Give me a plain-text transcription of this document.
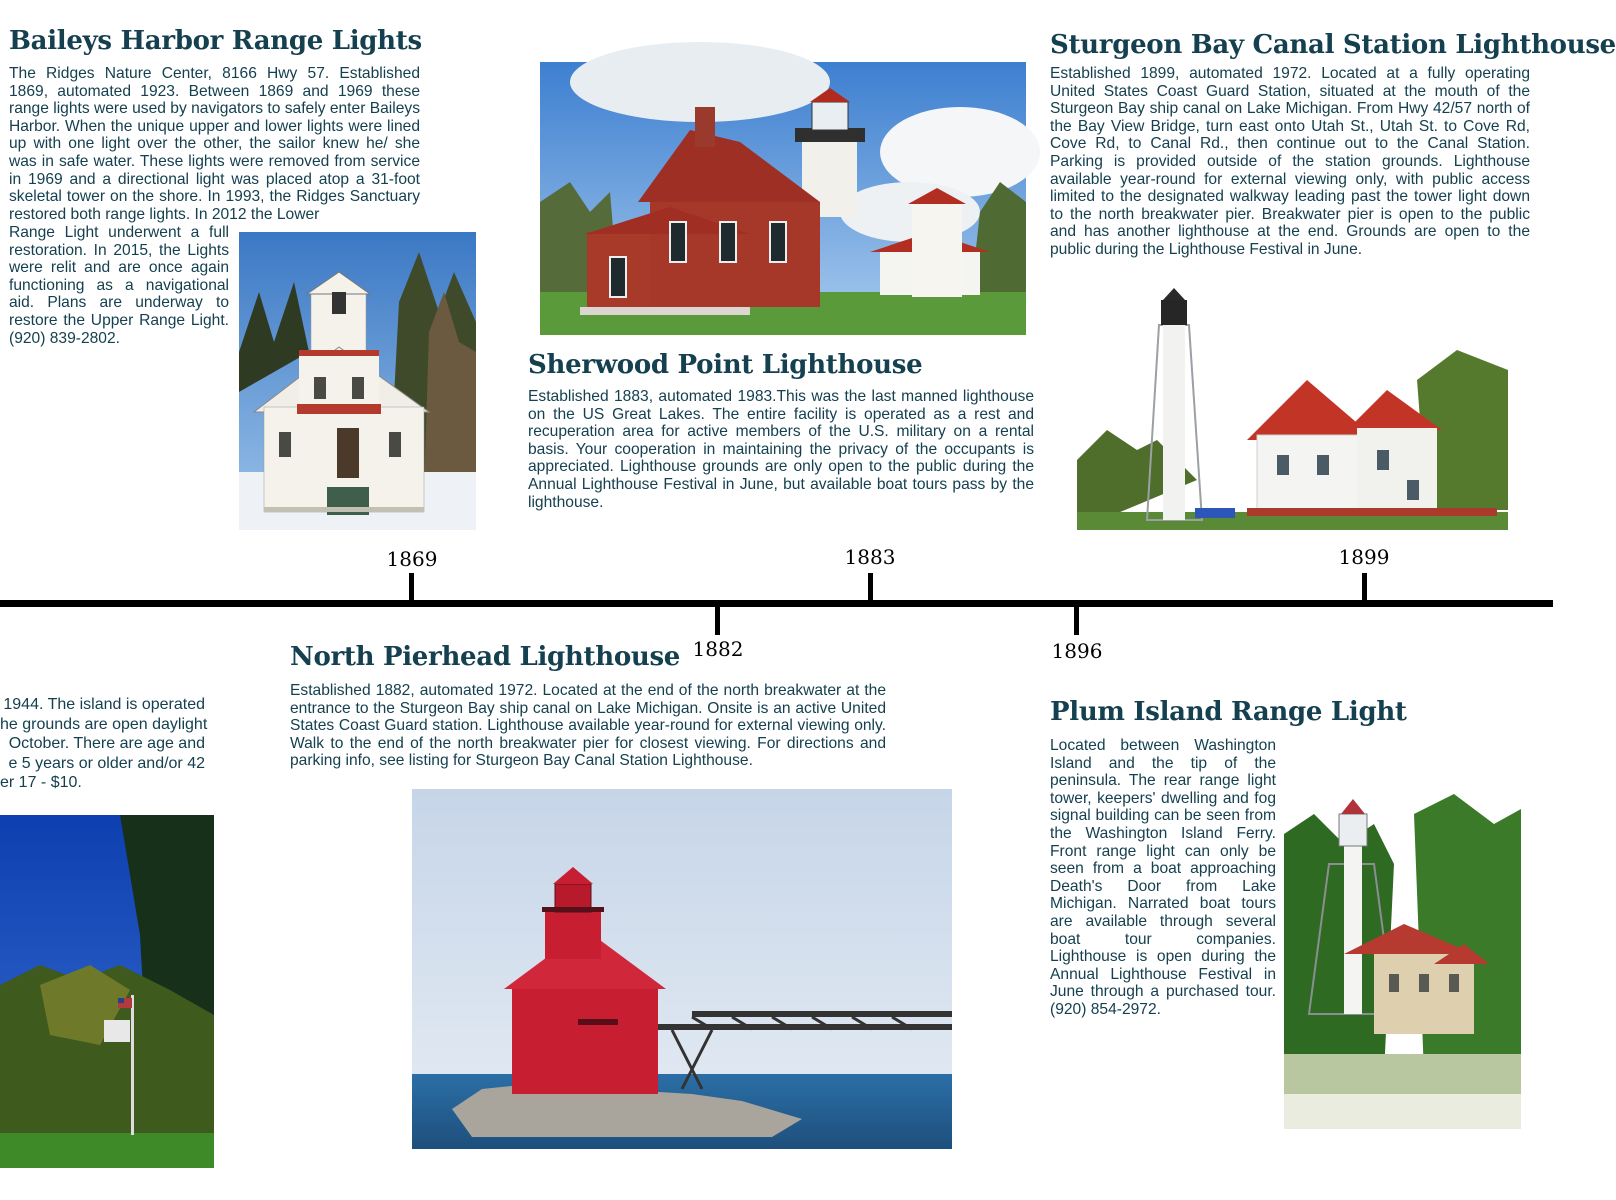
Baileys Harbor Range Lights

The Ridges Nature Center, 8166 Hwy 57. Established 1869, automated 1923. Between 1869 and 1969 these range lights were used by navigators to safely enter Baileys Harbor. When the unique upper and lower lights were lined up with one light over the other, the sailor knew he/ she was in safe water. These lights were removed from service in 1969 and a directional light was placed atop a 31-foot skeletal tower on the shore. In 1993, the Ridges Sanctuary restored both range lights. In 2012 the Lower

Range Light underwent a full restoration. In 2015, the Lights were relit and are once again functioning as a navigational aid. Plans are underway to restore the Upper Range Light. (920) 839-2802.

Sherwood Point Lighthouse

Established 1883, automated 1983.This was the last manned lighthouse on the US Great Lakes. The entire facility is operated as a rest and recuperation area for active members of the U.S. military on a rental basis. Your cooperation in maintaining the privacy of the occupants is appreciated. Lighthouse grounds are only open to the public during the Annual Lighthouse Festival in June, but available boat tours pass by the lighthouse.

Sturgeon Bay Canal Station Lighthouse

Established 1899, automated 1972. Located at a fully operating United States Coast Guard Station, situated at the mouth of the Sturgeon Bay ship canal on Lake Michigan. From Hwy 42/57 north of the Bay View Bridge, turn east onto Utah St., Utah St. to Cove Rd, Cove Rd, to Canal Rd., then continue out to the Canal Station. Parking is provided outside of the station grounds. Lighthouse available year-round for external viewing only, with public access limited to the designated walkway leading past the tower light down to the north breakwater pier. Breakwater pier is open to the public and has another lighthouse at the end. Grounds are open to the public during the Lighthouse Festival in June.

1869
1882
1883
1896
1899

1944. The island is operated

he grounds are open daylight

October. There are age and

e 5 years or older and/or 42

er 17 - $10.

North Pierhead Lighthouse

Established 1882, automated 1972. Located at the end of the north breakwater at the entrance to the Sturgeon Bay ship canal on Lake Michigan. Onsite is an active United States Coast Guard station. Lighthouse available year-round for external viewing only. Walk to the end of the north breakwater pier for closest viewing. For directions and parking info, see listing for Sturgeon Bay Canal Station Lighthouse.

Plum Island Range Light

Located between Washington Island and the tip of the peninsula. The rear range light tower, keepers' dwelling and fog signal building can be seen from the Washington Island Ferry. Front range light can only be seen from a boat approaching Death's Door from Lake Michigan. Narrated boat tours are available through several boat tour companies. Lighthouse is open during the Annual Lighthouse Festival in June through a purchased tour. (920) 854-2972.
